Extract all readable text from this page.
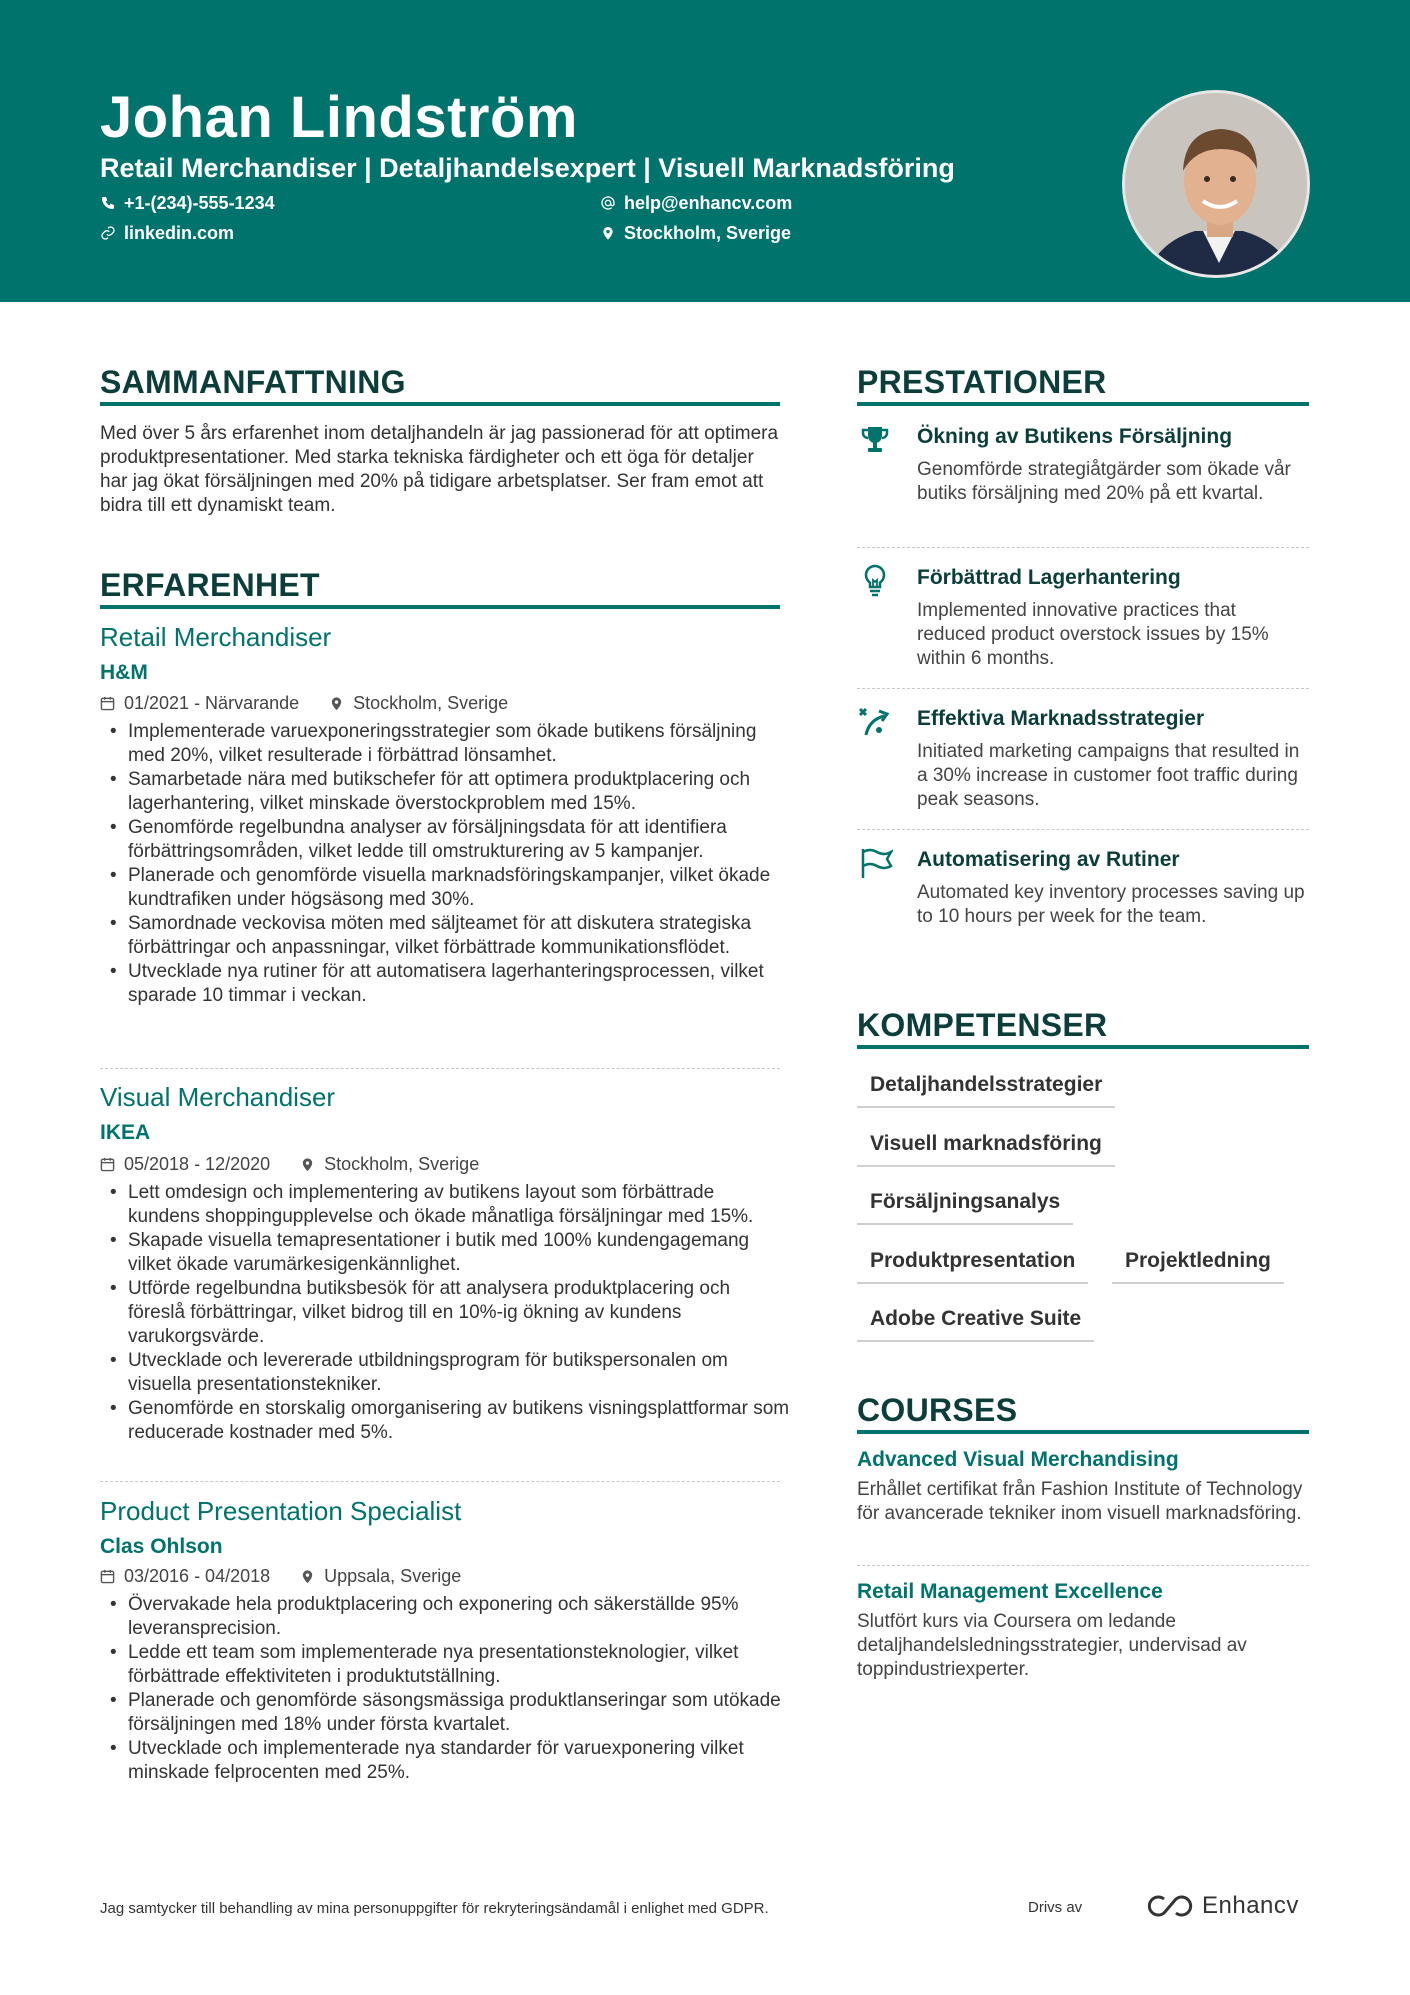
Johan Lindström
Retail Merchandiser | Detaljhandelsexpert | Visuell Marknadsföring
+1-(234)-555-1234	help@enhancv.com
linkedin.com	Stockholm, Sverige
SAMMANFATTNING
Med över 5 års erfarenhet inom detaljhandeln är jag passionerad för att optimera produktpresentationer. Med starka tekniska färdigheter och ett öga för detaljer har jag ökat försäljningen med 20% på tidigare arbetsplatser. Ser fram emot att bidra till ett dynamiskt team.
ERFARENHET
Retail Merchandiser
H&M
01/2021 - Närvarande	Stockholm, Sverige
• Implementerade varuexponeringsstrategier som ökade butikens försäljning med 20%, vilket resulterade i förbättrad lönsamhet.
• Samarbetade nära med butikschefer för att optimera produktplacering och lagerhantering, vilket minskade överstockproblem med 15%.
• Genomförde regelbundna analyser av försäljningsdata för att identifiera förbättringsområden, vilket ledde till omstrukturering av 5 kampanjer.
• Planerade och genomförde visuella marknadsföringskampanjer, vilket ökade kundtrafiken under högsäsong med 30%.
• Samordnade veckovisa möten med säljteamet för att diskutera strategiska förbättringar och anpassningar, vilket förbättrade kommunikationsflödet.
• Utvecklade nya rutiner för att automatisera lagerhanteringsprocessen, vilket sparade 10 timmar i veckan.
Visual Merchandiser
IKEA
05/2018 - 12/2020	Stockholm, Sverige
• Lett omdesign och implementering av butikens layout som förbättrade kundens shoppingupplevelse och ökade månatliga försäljningar med 15%.
• Skapade visuella temapresentationer i butik med 100% kundengagemang vilket ökade varumärkesigenkännlighet.
• Utförde regelbundna butiksbesök för att analysera produktplacering och föreslå förbättringar, vilket bidrog till en 10%-ig ökning av kundens varukorgsvärde.
• Utvecklade och levererade utbildningsprogram för butikspersonalen om visuella presentationstekniker.
• Genomförde en storskalig omorganisering av butikens visningsplattformar som reducerade kostnader med 5%.
Product Presentation Specialist
Clas Ohlson
03/2016 - 04/2018	Uppsala, Sverige
• Övervakade hela produktplacering och exponering och säkerställde 95% leveransprecision.
• Ledde ett team som implementerade nya presentationsteknologier, vilket förbättrade effektiviteten i produktutställning.
• Planerade och genomförde säsongsmässiga produktlanseringar som utökade försäljningen med 18% under första kvartalet.
• Utvecklade och implementerade nya standarder för varuexponering vilket minskade felprocenten med 25%.
PRESTATIONER
Ökning av Butikens Försäljning
Genomförde strategiåtgärder som ökade vår butiks försäljning med 20% på ett kvartal.
Förbättrad Lagerhantering
Implemented innovative practices that reduced product overstock issues by 15% within 6 months.
Effektiva Marknadsstrategier
Initiated marketing campaigns that resulted in a 30% increase in customer foot traffic during peak seasons.
Automatisering av Rutiner
Automated key inventory processes saving up to 10 hours per week for the team.
KOMPETENSER
Detaljhandelsstrategier
Visuell marknadsföring
Försäljningsanalys
Produktpresentation	Projektledning
Adobe Creative Suite
COURSES
Advanced Visual Merchandising
Erhållet certifikat från Fashion Institute of Technology för avancerade tekniker inom visuell marknadsföring.
Retail Management Excellence
Slutfört kurs via Coursera om ledande detaljhandelsledningsstrategier, undervisad av toppindustriexperter.
Jag samtycker till behandling av mina personuppgifter för rekryteringsändamål i enlighet med GDPR.	Drivs av	Enhancv
